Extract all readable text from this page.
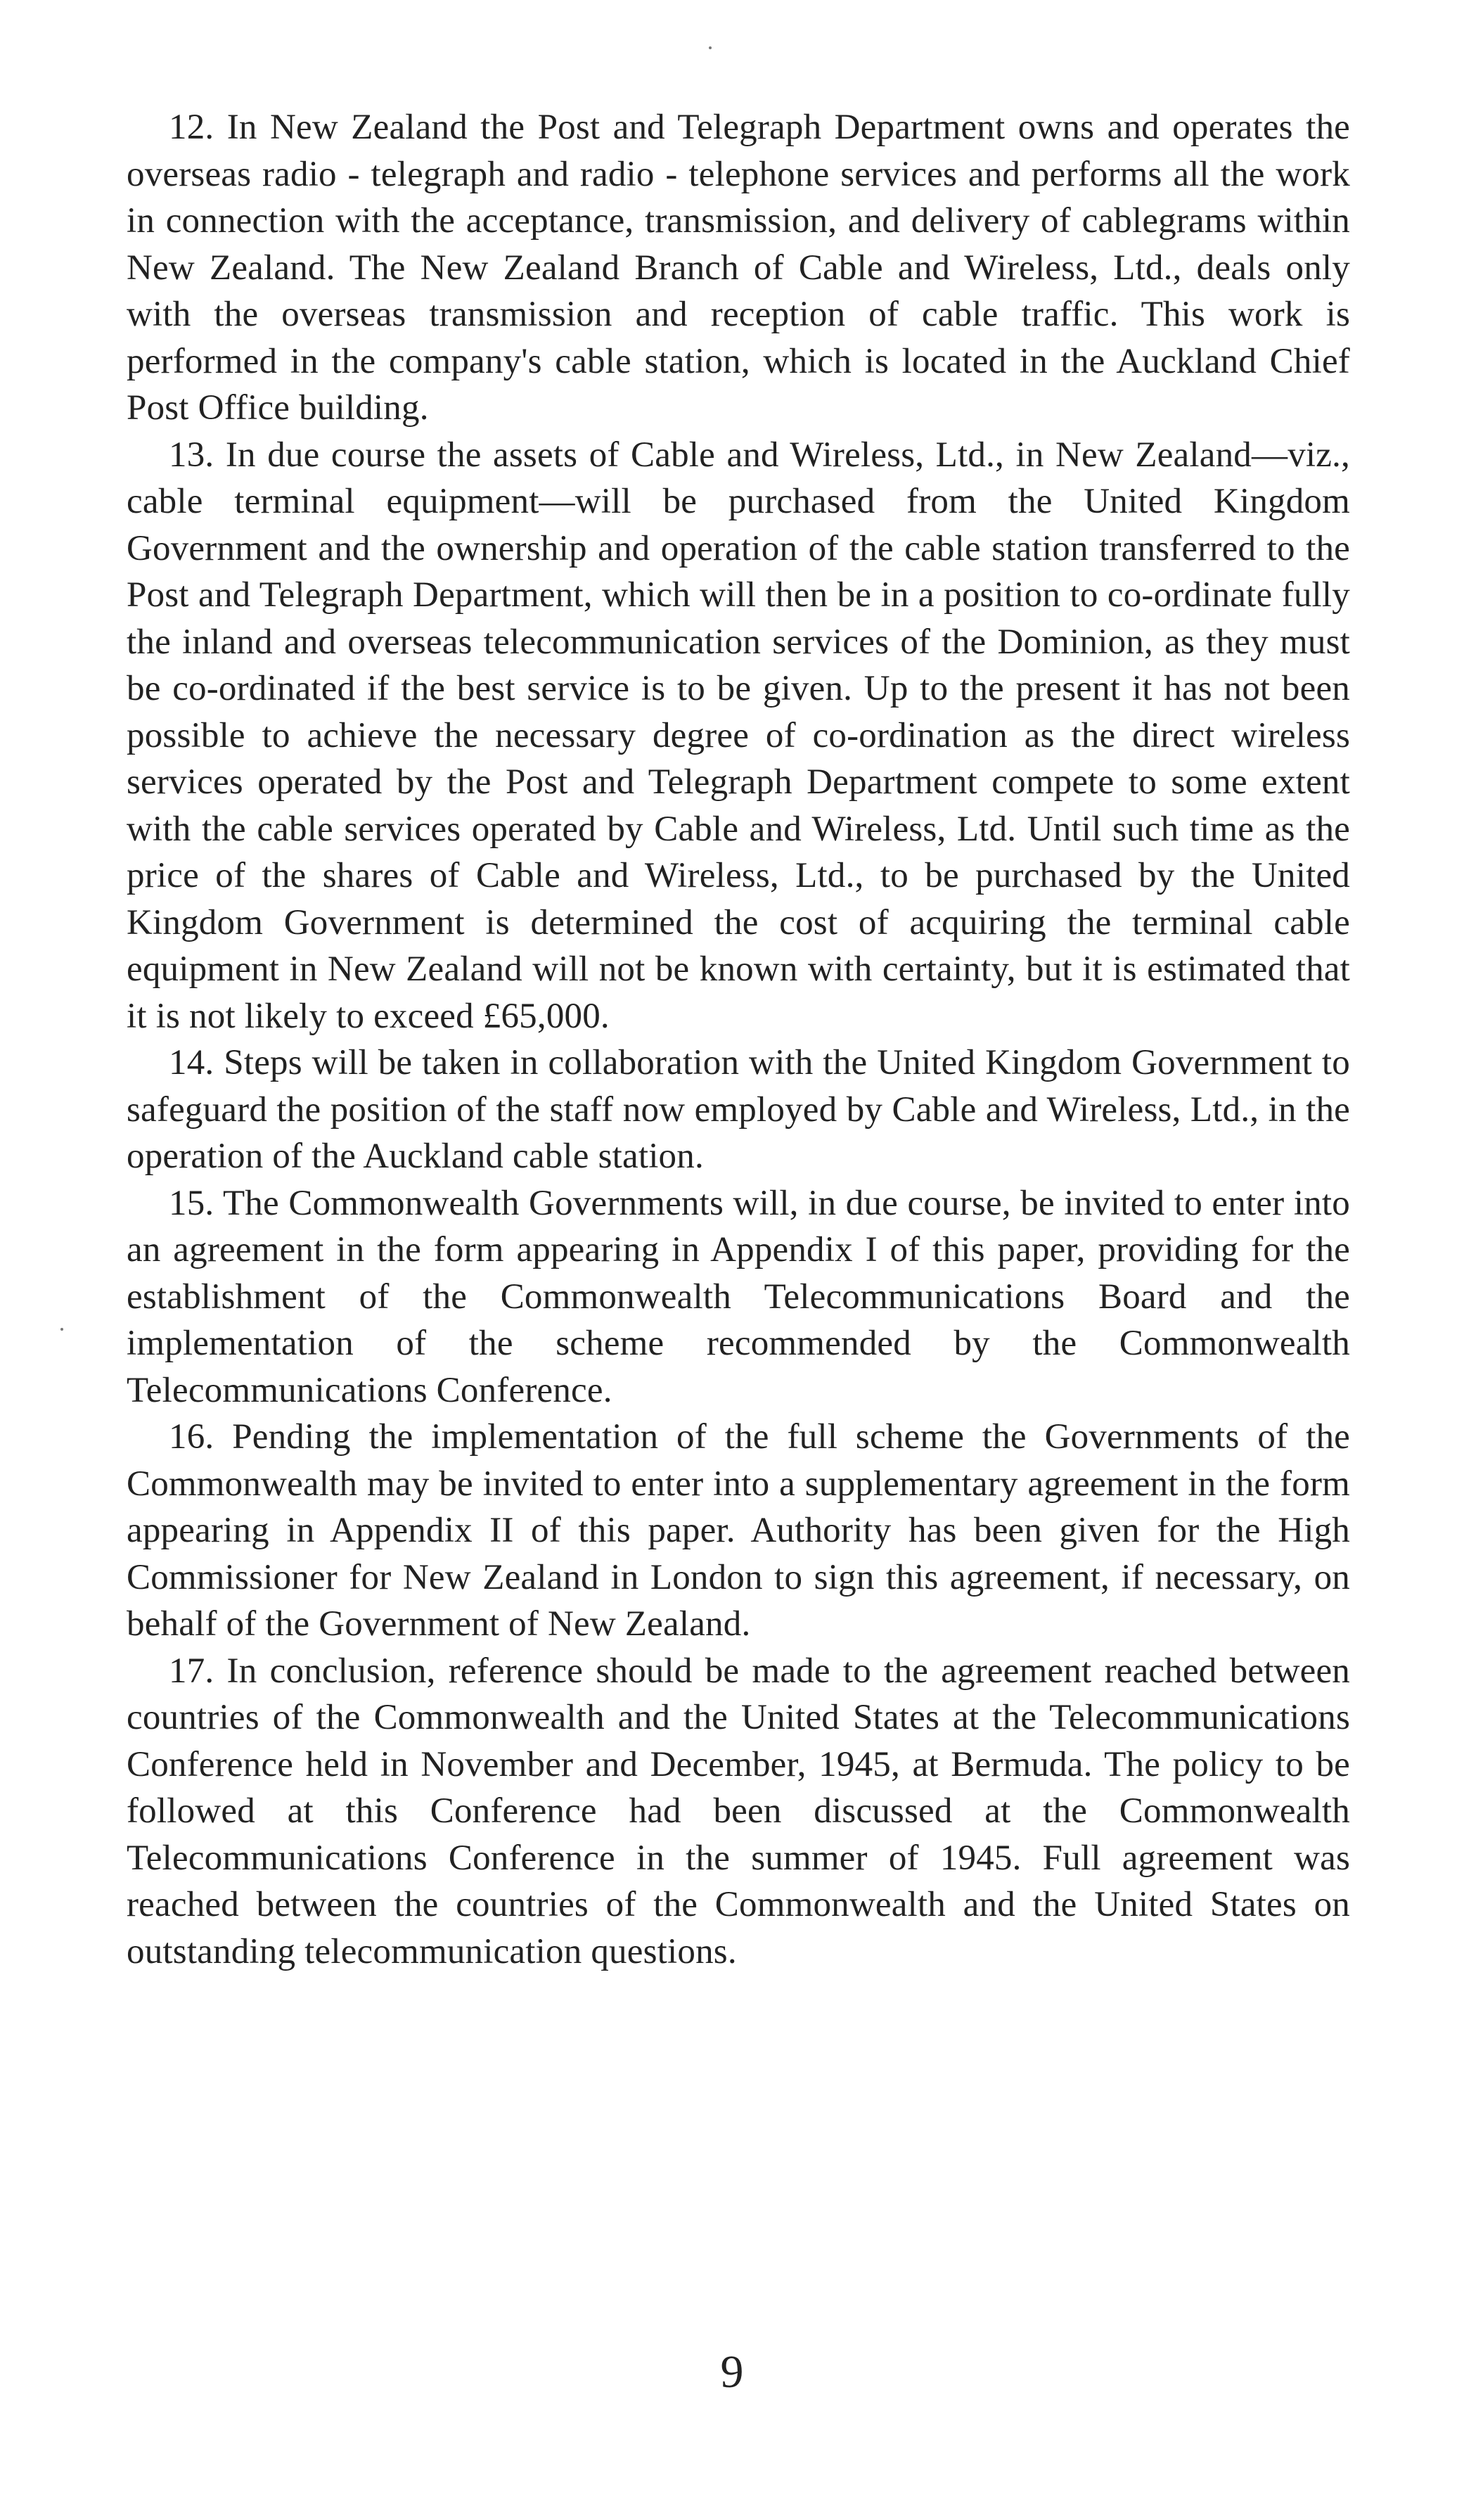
12. In New Zealand the Post and Telegraph Department owns and operates the overseas radio - telegraph and radio - telephone services and performs all the work in connection with the acceptance, transmission, and delivery of cablegrams within New Zealand. The New Zealand Branch of Cable and Wireless, Ltd., deals only with the overseas transmission and reception of cable traffic. This work is performed in the company's cable station, which is located in the Auckland Chief Post Office building.

13. In due course the assets of Cable and Wireless, Ltd., in New Zealand—viz., cable terminal equipment—will be purchased from the United Kingdom Government and the ownership and operation of the cable station transferred to the Post and Telegraph Department, which will then be in a position to co-ordinate fully the inland and overseas telecommunication services of the Dominion, as they must be co-ordinated if the best service is to be given. Up to the present it has not been possible to achieve the necessary degree of co-ordination as the direct wireless services operated by the Post and Telegraph Department compete to some extent with the cable services operated by Cable and Wireless, Ltd. Until such time as the price of the shares of Cable and Wireless, Ltd., to be purchased by the United Kingdom Government is determined the cost of acquiring the terminal cable equipment in New Zealand will not be known with certainty, but it is estimated that it is not likely to exceed £65,000.

14. Steps will be taken in collaboration with the United Kingdom Government to safeguard the position of the staff now employed by Cable and Wireless, Ltd., in the operation of the Auckland cable station.

15. The Commonwealth Governments will, in due course, be invited to enter into an agreement in the form appearing in Appendix I of this paper, providing for the establishment of the Commonwealth Telecommunications Board and the implementation of the scheme recommended by the Commonwealth Telecommunications Conference.

16. Pending the implementation of the full scheme the Governments of the Commonwealth may be invited to enter into a supplementary agreement in the form appearing in Appendix II of this paper. Authority has been given for the High Commissioner for New Zealand in London to sign this agreement, if necessary, on behalf of the Government of New Zealand.

17. In conclusion, reference should be made to the agreement reached between countries of the Commonwealth and the United States at the Telecommunications Conference held in November and December, 1945, at Bermuda. The policy to be followed at this Conference had been discussed at the Commonwealth Telecommunications Conference in the summer of 1945. Full agreement was reached between the countries of the Commonwealth and the United States on outstanding telecommunication questions.

9
